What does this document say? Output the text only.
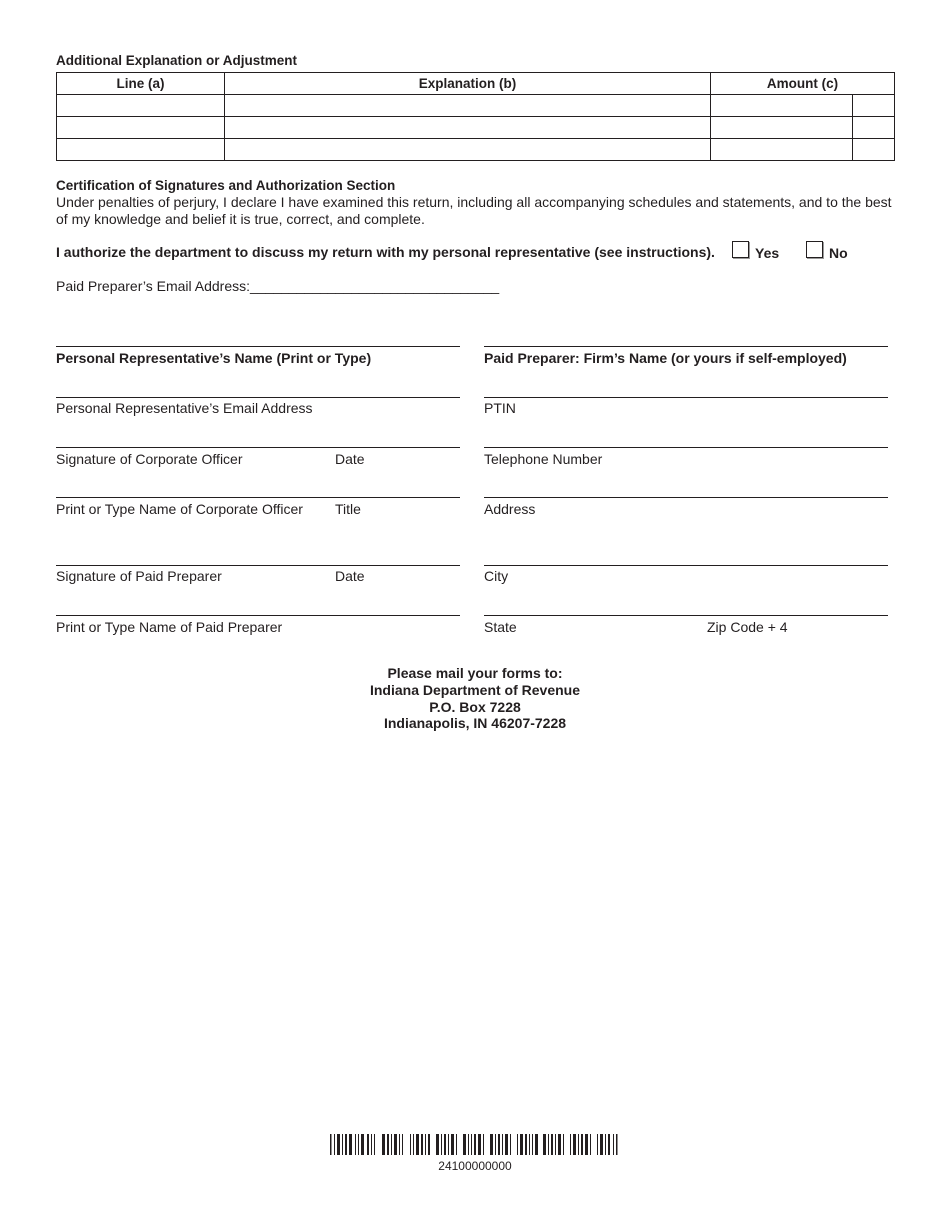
Additional Explanation or Adjustment
Line (a)	Explanation (b)	Amount (c)	

Certification of Signatures and Authorization Section
Under penalties of perjury, I declare I have examined this return, including all accompanying schedules and statements, and to the best
of my knowledge and belief it is true, correct, and complete.
I authorize the department to discuss my return with my personal representative (see instructions).	Yes	No
Paid Preparer’s Email Address:________________________________
Personal Representative’s Name (Print or Type)
Personal Representative’s Email Address
Signature of Corporate Officer	Date
Print or Type Name of Corporate Officer Title
Signature of Paid Preparer	Date
Print or Type Name of Paid Preparer
Paid Preparer: Firm’s Name (or yours if self-employed)
PTIN
Telephone Number
Address
City
State	Zip Code + 4
Please mail your forms to:
Indiana Department of Revenue
P.O. Box 7228
Indianapolis, IN 46207-7228
24100000000
